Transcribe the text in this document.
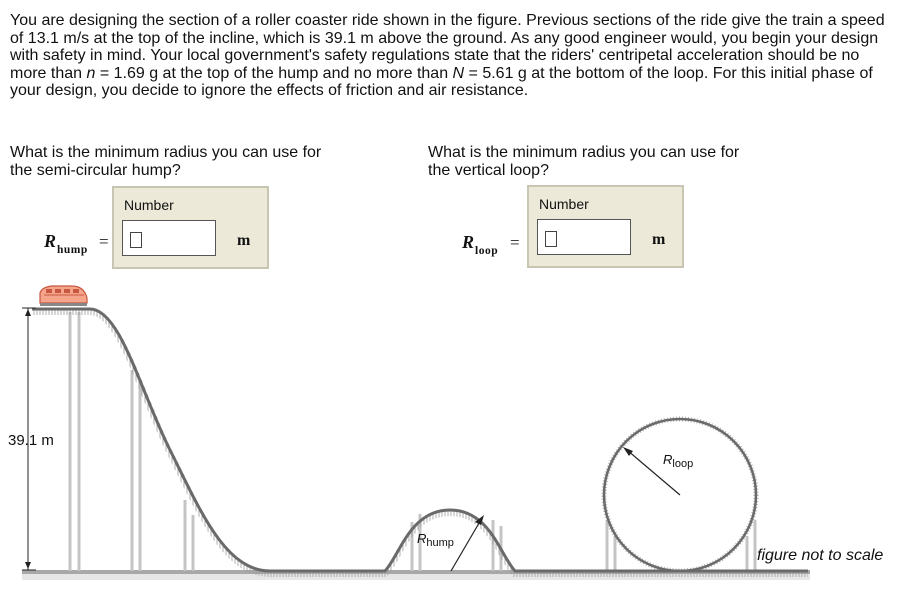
You are designing the section of a roller coaster ride shown in the figure. Previous sections of the ride give the train a speed of 13.1 m/s at the top of the incline, which is 39.1 m above the ground. As any good engineer would, you begin your design with safety in mind. Your local government's safety regulations state that the riders' centripetal acceleration should be no more than n = 1.69 g at the top of the hump and no more than N = 5.61 g at the bottom of the loop. For this initial phase of your design, you decide to ignore the effects of friction and air resistance.
What is the minimum radius you can use for the semi-circular hump?
What is the minimum radius you can use for the vertical loop?
$R_{hump}$ =
Number
m	$R_{loop}$ =
Number
m
39.1 m
$R_{hump}$
$R_{loop}$
figure not to scale
